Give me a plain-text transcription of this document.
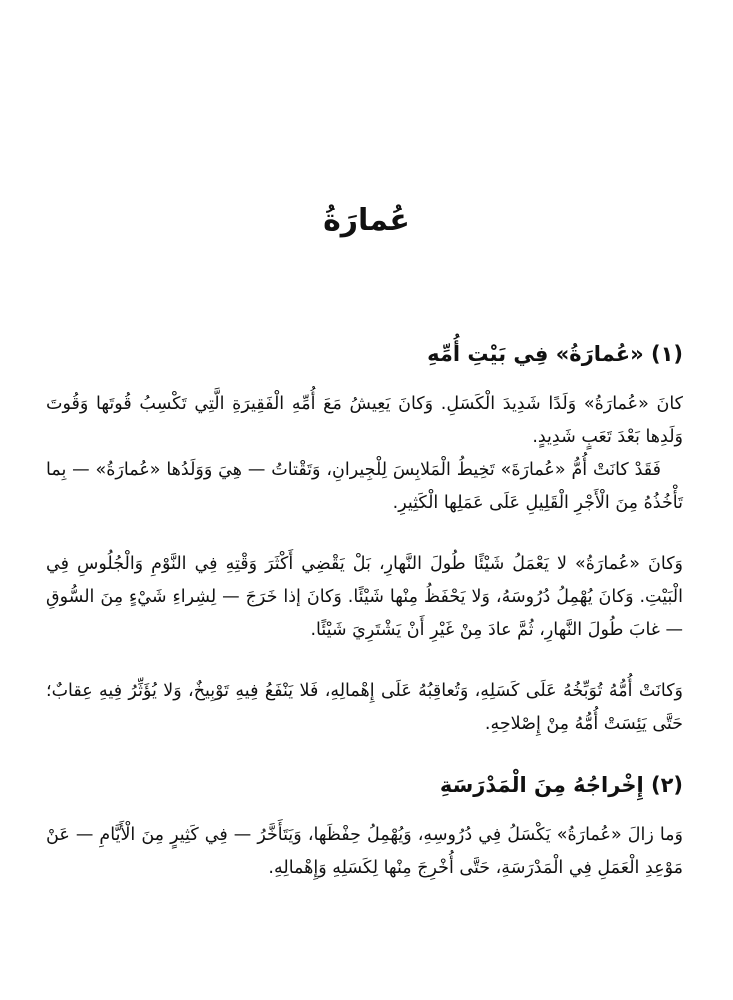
عُمارَةُ
(١) «عُمارَةُ» فِي بَيْتِ أُمِّهِ

كانَ «عُمارَةُ» وَلَدًا شَدِيدَ الْكَسَلِ. وَكانَ يَعِيشُ مَعَ أُمِّهِ الْفَقِيرَةِ الَّتِي تَكْسِبُ قُوتَها وَقُوتَ وَلَدِها بَعْدَ تَعَبٍ شَدِيدٍ.

فَقَدْ كانَتْ أُمُّ «عُمارَةَ» تَخِيطُ الْمَلابِسَ لِلْجِيرانِ، وَتَقْتاتُ — هِيَ وَوَلَدُها «عُمارَةُ» — بِما تَأْخُذُهُ مِنَ الْأَجْرِ الْقَلِيلِ عَلَى عَمَلِها الْكَثِيرِ.

وَكانَ «عُمارَةُ» لا يَعْمَلُ شَيْئًا طُولَ النَّهارِ، بَلْ يَقْضِي أَكْثَرَ وَقْتِهِ فِي النَّوْمِ وَالْجُلُوسِ فِي الْبَيْتِ. وَكانَ يُهْمِلُ دُرُوسَهُ، وَلا يَحْفَظُ مِنْها شَيْئًا. وَكانَ إذا خَرَجَ — لِشِراءِ شَيْءٍ مِنَ السُّوقِ — غابَ طُولَ النَّهارِ، ثُمَّ عادَ مِنْ غَيْرِ أَنْ يَشْتَرِيَ شَيْئًا.

وَكانَتْ أُمُّهُ تُوَبِّخُهُ عَلَى كَسَلِهِ، وَتُعاقِبُهُ عَلَى إِهْمالِهِ، فَلا يَنْفَعُ فِيهِ تَوْبِيخٌ، وَلا يُؤَثِّرُ فِيهِ عِقابٌ؛ حَتَّى يَئِسَتْ أُمُّهُ مِنْ إِصْلاحِهِ.

(٢) إِخْراجُهُ مِنَ الْمَدْرَسَةِ

وَما زالَ «عُمارَةُ» يَكْسَلُ فِي دُرُوسِهِ، وَيُهْمِلُ حِفْظَها، وَيَتَأَخَّرُ — فِي كَثِيرٍ مِنَ الْأَيَّامِ — عَنْ مَوْعِدِ الْعَمَلِ فِي الْمَدْرَسَةِ، حَتَّى أُخْرِجَ مِنْها لِكَسَلِهِ وَإِهْمالِهِ.
